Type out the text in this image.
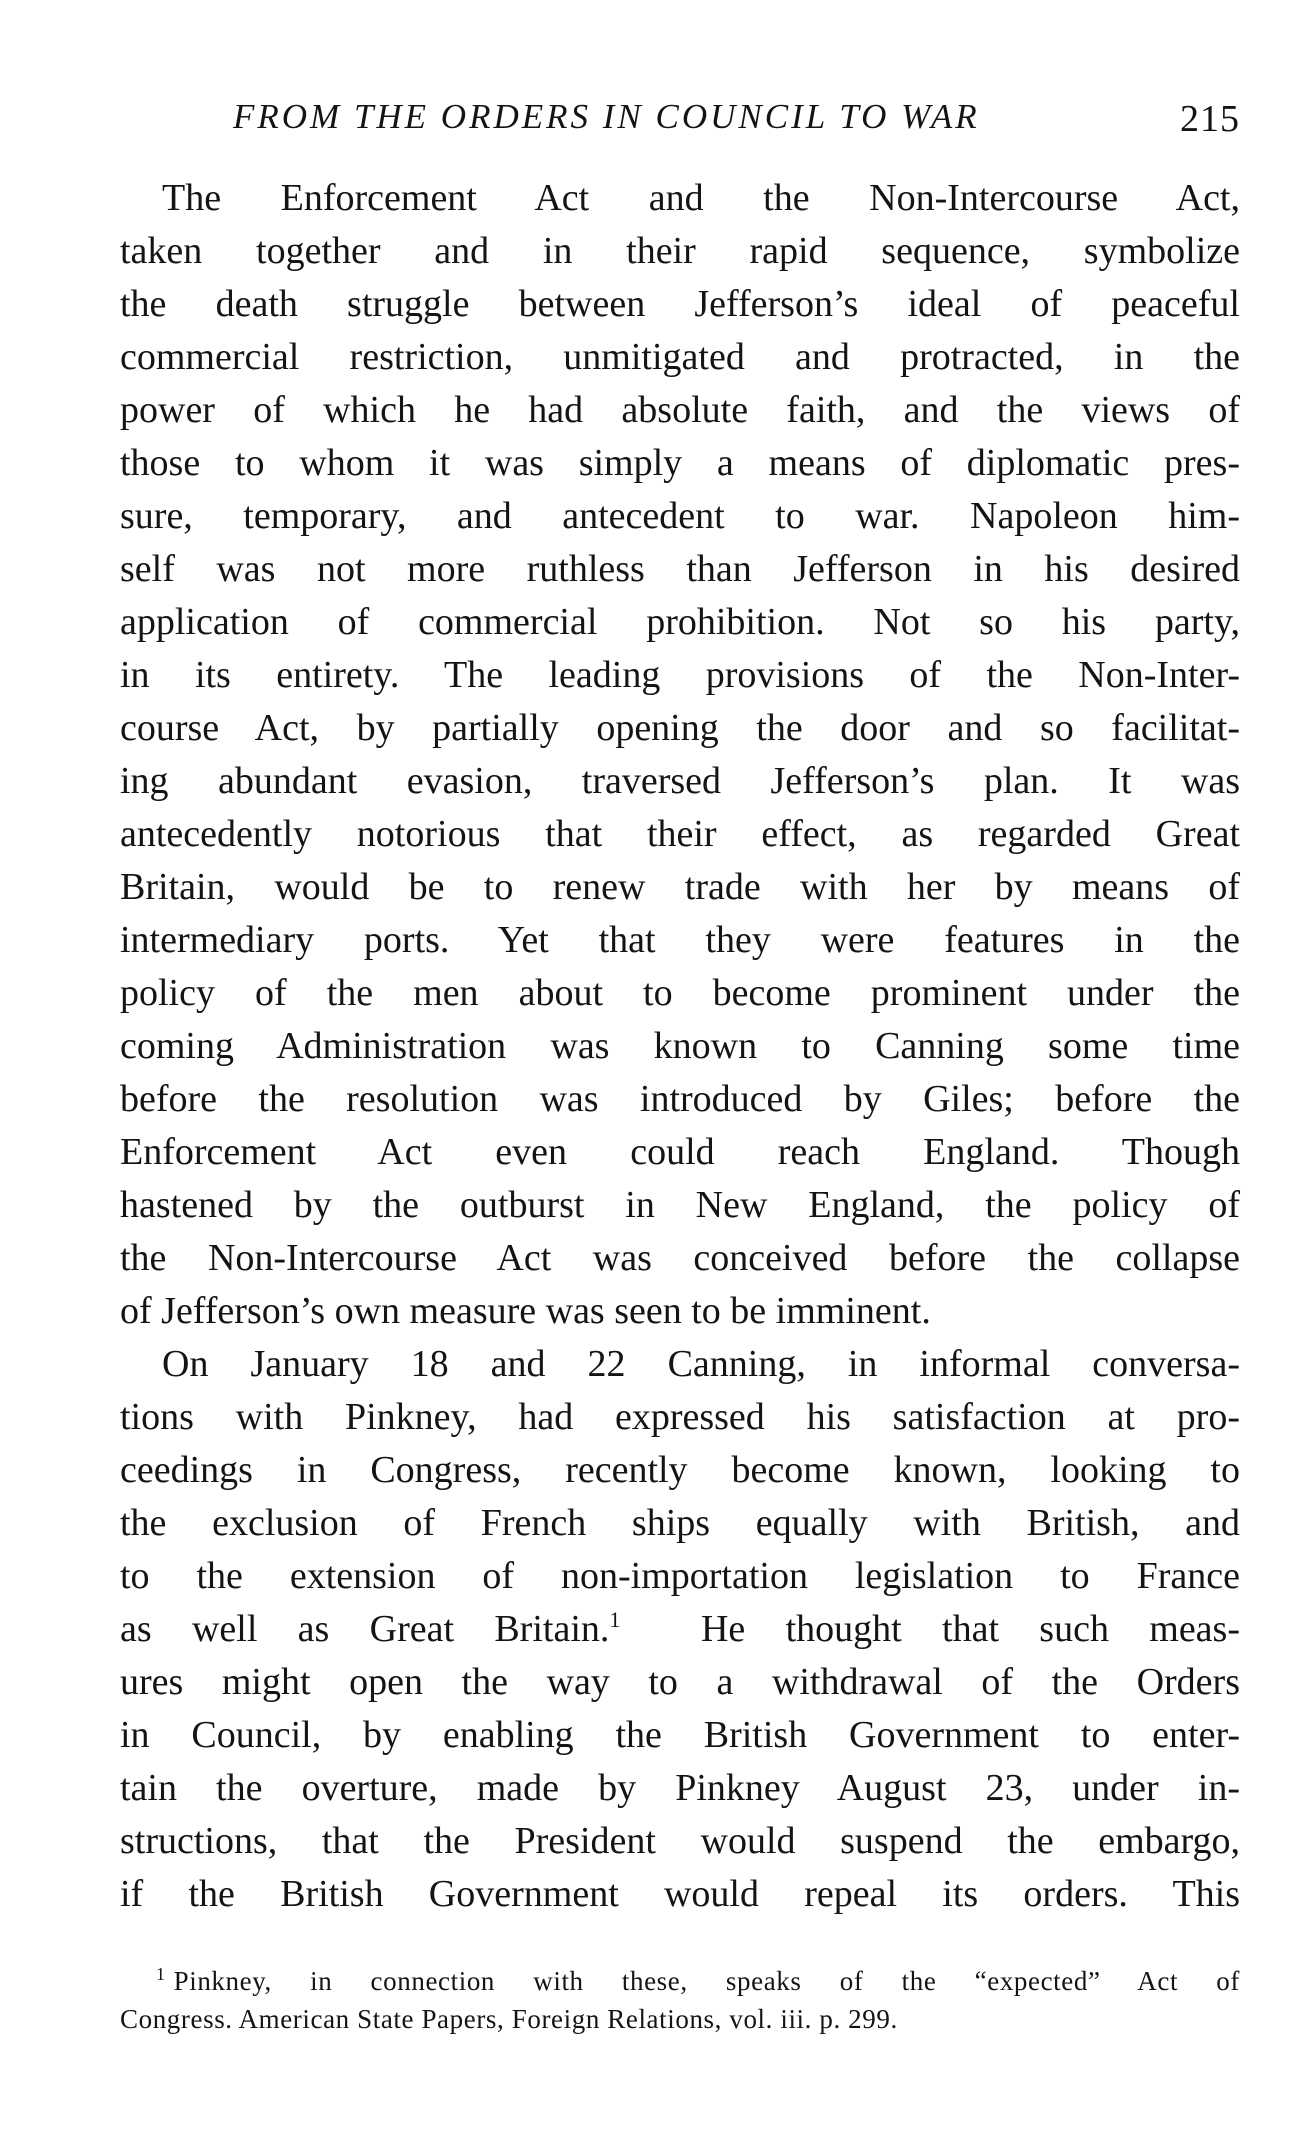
FROM THE ORDERS IN COUNCIL TO WAR	215
The Enforcement Act and the Non-Intercourse Act,
taken together and in their rapid sequence, symbolize
the death struggle between Jefferson’s ideal of peaceful
commercial restriction, unmitigated and protracted, in the
power of which he had absolute faith, and the views of
those to whom it was simply a means of diplomatic pres-
sure, temporary, and antecedent to war. Napoleon him-
self was not more ruthless than Jefferson in his desired
application of commercial prohibition. Not so his party,
in its entirety. The leading provisions of the Non-Inter-
course Act, by partially opening the door and so facilitat-
ing abundant evasion, traversed Jefferson’s plan. It was
antecedently notorious that their effect, as regarded Great
Britain, would be to renew trade with her by means of
intermediary ports. Yet that they were features in the
policy of the men about to become prominent under the
coming Administration was known to Canning some time
before the resolution was introduced by Giles; before the
Enforcement Act even could reach England. Though
hastened by the outburst in New England, the policy of
the Non-Intercourse Act was conceived before the collapse
of Jefferson’s own measure was seen to be imminent.
On January 18 and 22 Canning, in informal conversa-
tions with Pinkney, had expressed his satisfaction at pro-
ceedings in Congress, recently become known, looking to
the exclusion of French ships equally with British, and
to the extension of non-importation legislation to France
as well as Great Britain.$^1$ He thought that such meas-
ures might open the way to a withdrawal of the Orders
in Council, by enabling the British Government to enter-
tain the overture, made by Pinkney August 23, under in-
structions, that the President would suspend the embargo,
if the British Government would repeal its orders. This
$^1$ Pinkney, in connection with these, speaks of the “expected” Act of
Congress. American State Papers, Foreign Relations, vol. iii. p. 299.
